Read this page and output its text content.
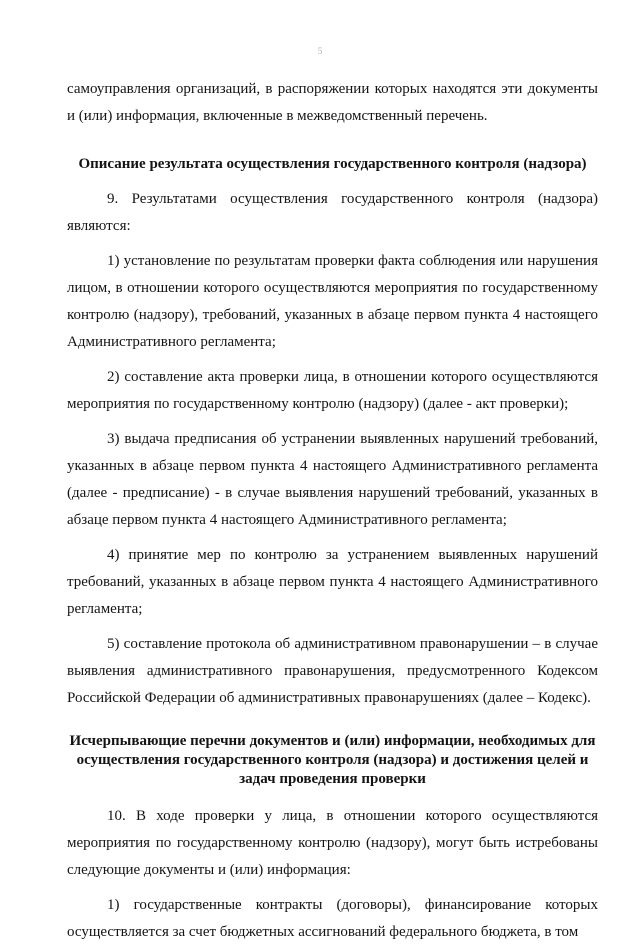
5

самоуправления организаций, в распоряжении которых находятся эти документы и (или) информация, включенные в межведомственный перечень.

Описание результата осуществления государственного контроля (надзора)

9. Результатами осуществления государственного контроля (надзора) являются:

1) установление по результатам проверки факта соблюдения или нарушения лицом, в отношении которого осуществляются мероприятия по государственному контролю (надзору), требований, указанных в абзаце первом пункта 4 настоящего Административного регламента;

2) составление акта проверки лица, в отношении которого осуществляются мероприятия по государственному контролю (надзору) (далее - акт проверки);

3) выдача предписания об устранении выявленных нарушений требований, указанных в абзаце первом пункта 4 настоящего Административного регламента (далее - предписание) - в случае выявления нарушений требований, указанных в абзаце первом пункта 4 настоящего Административного регламента;

4) принятие мер по контролю за устранением выявленных нарушений требований, указанных в абзаце первом пункта 4 настоящего Административного регламента;

5) составление протокола об административном правонарушении – в случае выявления административного правонарушения, предусмотренного Кодексом Российской Федерации об административных правонарушениях (далее – Кодекс).

Исчерпывающие перечни документов и (или) информации, необходимых для осуществления государственного контроля (надзора) и достижения целей и задач проведения проверки

10. В ходе проверки у лица, в отношении которого осуществляются мероприятия по государственному контролю (надзору), могут быть истребованы следующие документы и (или) информация:

1) государственные контракты (договоры), финансирование которых осуществляется за счет бюджетных ассигнований федерального бюджета, в том
